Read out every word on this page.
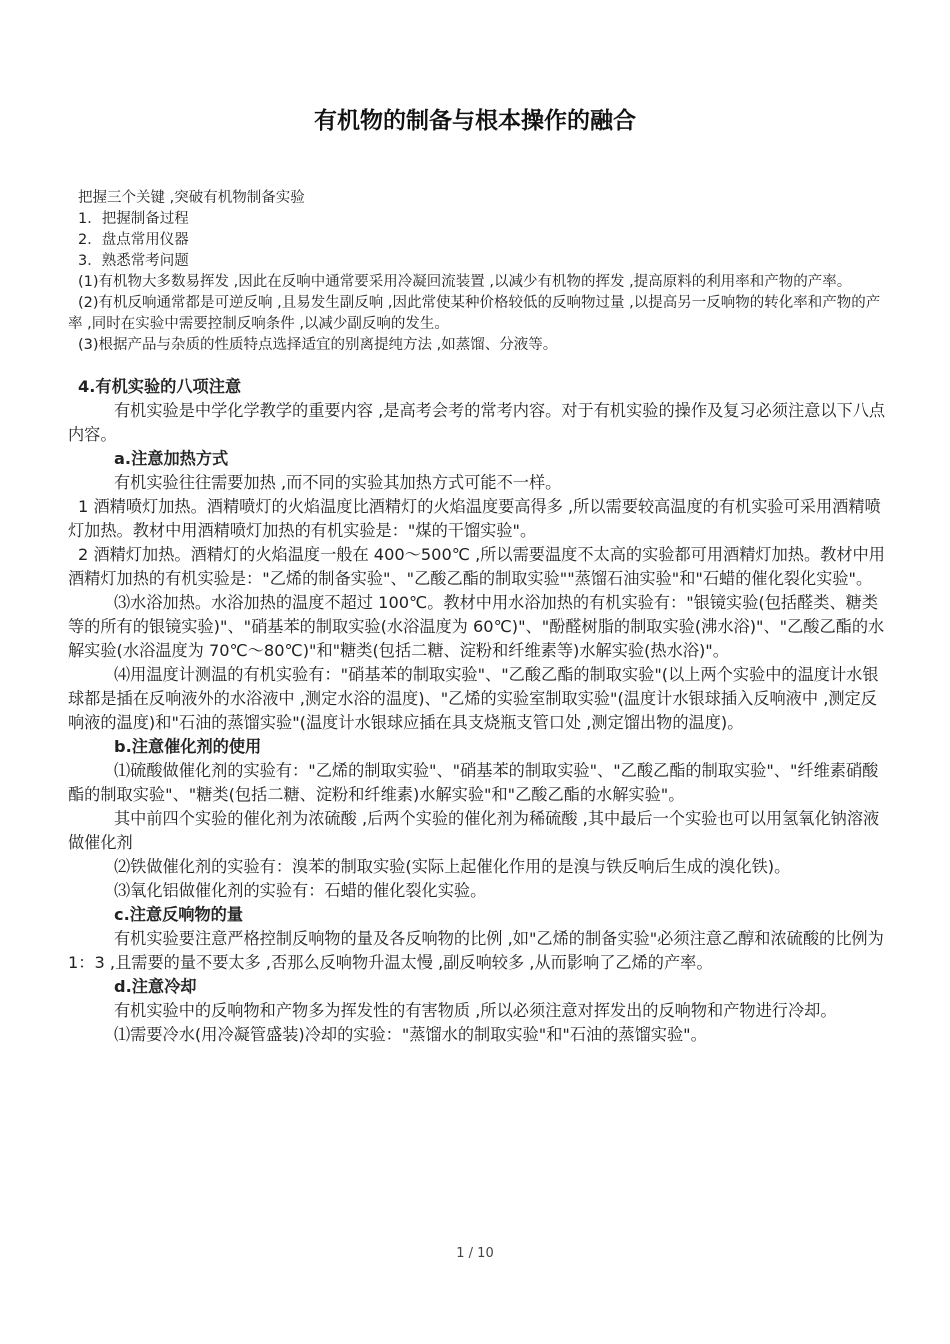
有机物的制备与根本操作的融合
把握三个关键 ,突破有机物制备实验
1．把握制备过程
2．盘点常用仪器
3．熟悉常考问题
(1)有机物大多数易挥发 ,因此在反响中通常要采用冷凝回流装置 ,以减少有机物的挥发 ,提高原料的利用率和产物的产率。
(2)有机反响通常都是可逆反响 ,且易发生副反响 ,因此常使某种价格较低的反响物过量 ,以提高另一反响物的转化率和产物的产率 ,同时在实验中需要控制反响条件 ,以减少副反响的发生。
(3)根据产品与杂质的性质特点选择适宜的别离提纯方法 ,如蒸馏、分液等。
4.有机实验的八项注意
有机实验是中学化学教学的重要内容 ,是高考会考的常考内容。对于有机实验的操作及复习必须注意以下八点内容。
a.注意加热方式
有机实验往往需要加热 ,而不同的实验其加热方式可能不一样。
1 酒精喷灯加热。酒精喷灯的火焰温度比酒精灯的火焰温度要高得多 ,所以需要较高温度的有机实验可采用酒精喷灯加热。教材中用酒精喷灯加热的有机实验是："煤的干馏实验"。
2 酒精灯加热。酒精灯的火焰温度一般在 400～500℃ ,所以需要温度不太高的实验都可用酒精灯加热。教材中用酒精灯加热的有机实验是："乙烯的制备实验"、"乙酸乙酯的制取实验""蒸馏石油实验"和"石蜡的催化裂化实验"。
⑶水浴加热。水浴加热的温度不超过 100℃。教材中用水浴加热的有机实验有："银镜实验(包括醛类、糖类等的所有的银镜实验)"、"硝基苯的制取实验(水浴温度为 60℃)"、"酚醛树脂的制取实验(沸水浴)"、"乙酸乙酯的水解实验(水浴温度为 70℃～80℃)"和"糖类(包括二糖、淀粉和纤维素等)水解实验(热水浴)"。
⑷用温度计测温的有机实验有："硝基苯的制取实验"、"乙酸乙酯的制取实验"(以上两个实验中的温度计水银球都是插在反响液外的水浴液中 ,测定水浴的温度)、"乙烯的实验室制取实验"(温度计水银球插入反响液中 ,测定反响液的温度)和"石油的蒸馏实验"(温度计水银球应插在具支烧瓶支管口处 ,测定馏出物的温度)。
b.注意催化剂的使用
⑴硫酸做催化剂的实验有："乙烯的制取实验"、"硝基苯的制取实验"、"乙酸乙酯的制取实验"、"纤维素硝酸酯的制取实验"、"糖类(包括二糖、淀粉和纤维素)水解实验"和"乙酸乙酯的水解实验"。
其中前四个实验的催化剂为浓硫酸 ,后两个实验的催化剂为稀硫酸 ,其中最后一个实验也可以用氢氧化钠溶液做催化剂
⑵铁做催化剂的实验有：溴苯的制取实验(实际上起催化作用的是溴与铁反响后生成的溴化铁)。
⑶氧化铝做催化剂的实验有：石蜡的催化裂化实验。
c.注意反响物的量
有机实验要注意严格控制反响物的量及各反响物的比例 ,如"乙烯的制备实验"必须注意乙醇和浓硫酸的比例为 1：3 ,且需要的量不要太多 ,否那么反响物升温太慢 ,副反响较多 ,从而影响了乙烯的产率。
d.注意冷却
有机实验中的反响物和产物多为挥发性的有害物质 ,所以必须注意对挥发出的反响物和产物进行冷却。
⑴需要冷水(用冷凝管盛装)冷却的实验："蒸馏水的制取实验"和"石油的蒸馏实验"。
1 / 10
